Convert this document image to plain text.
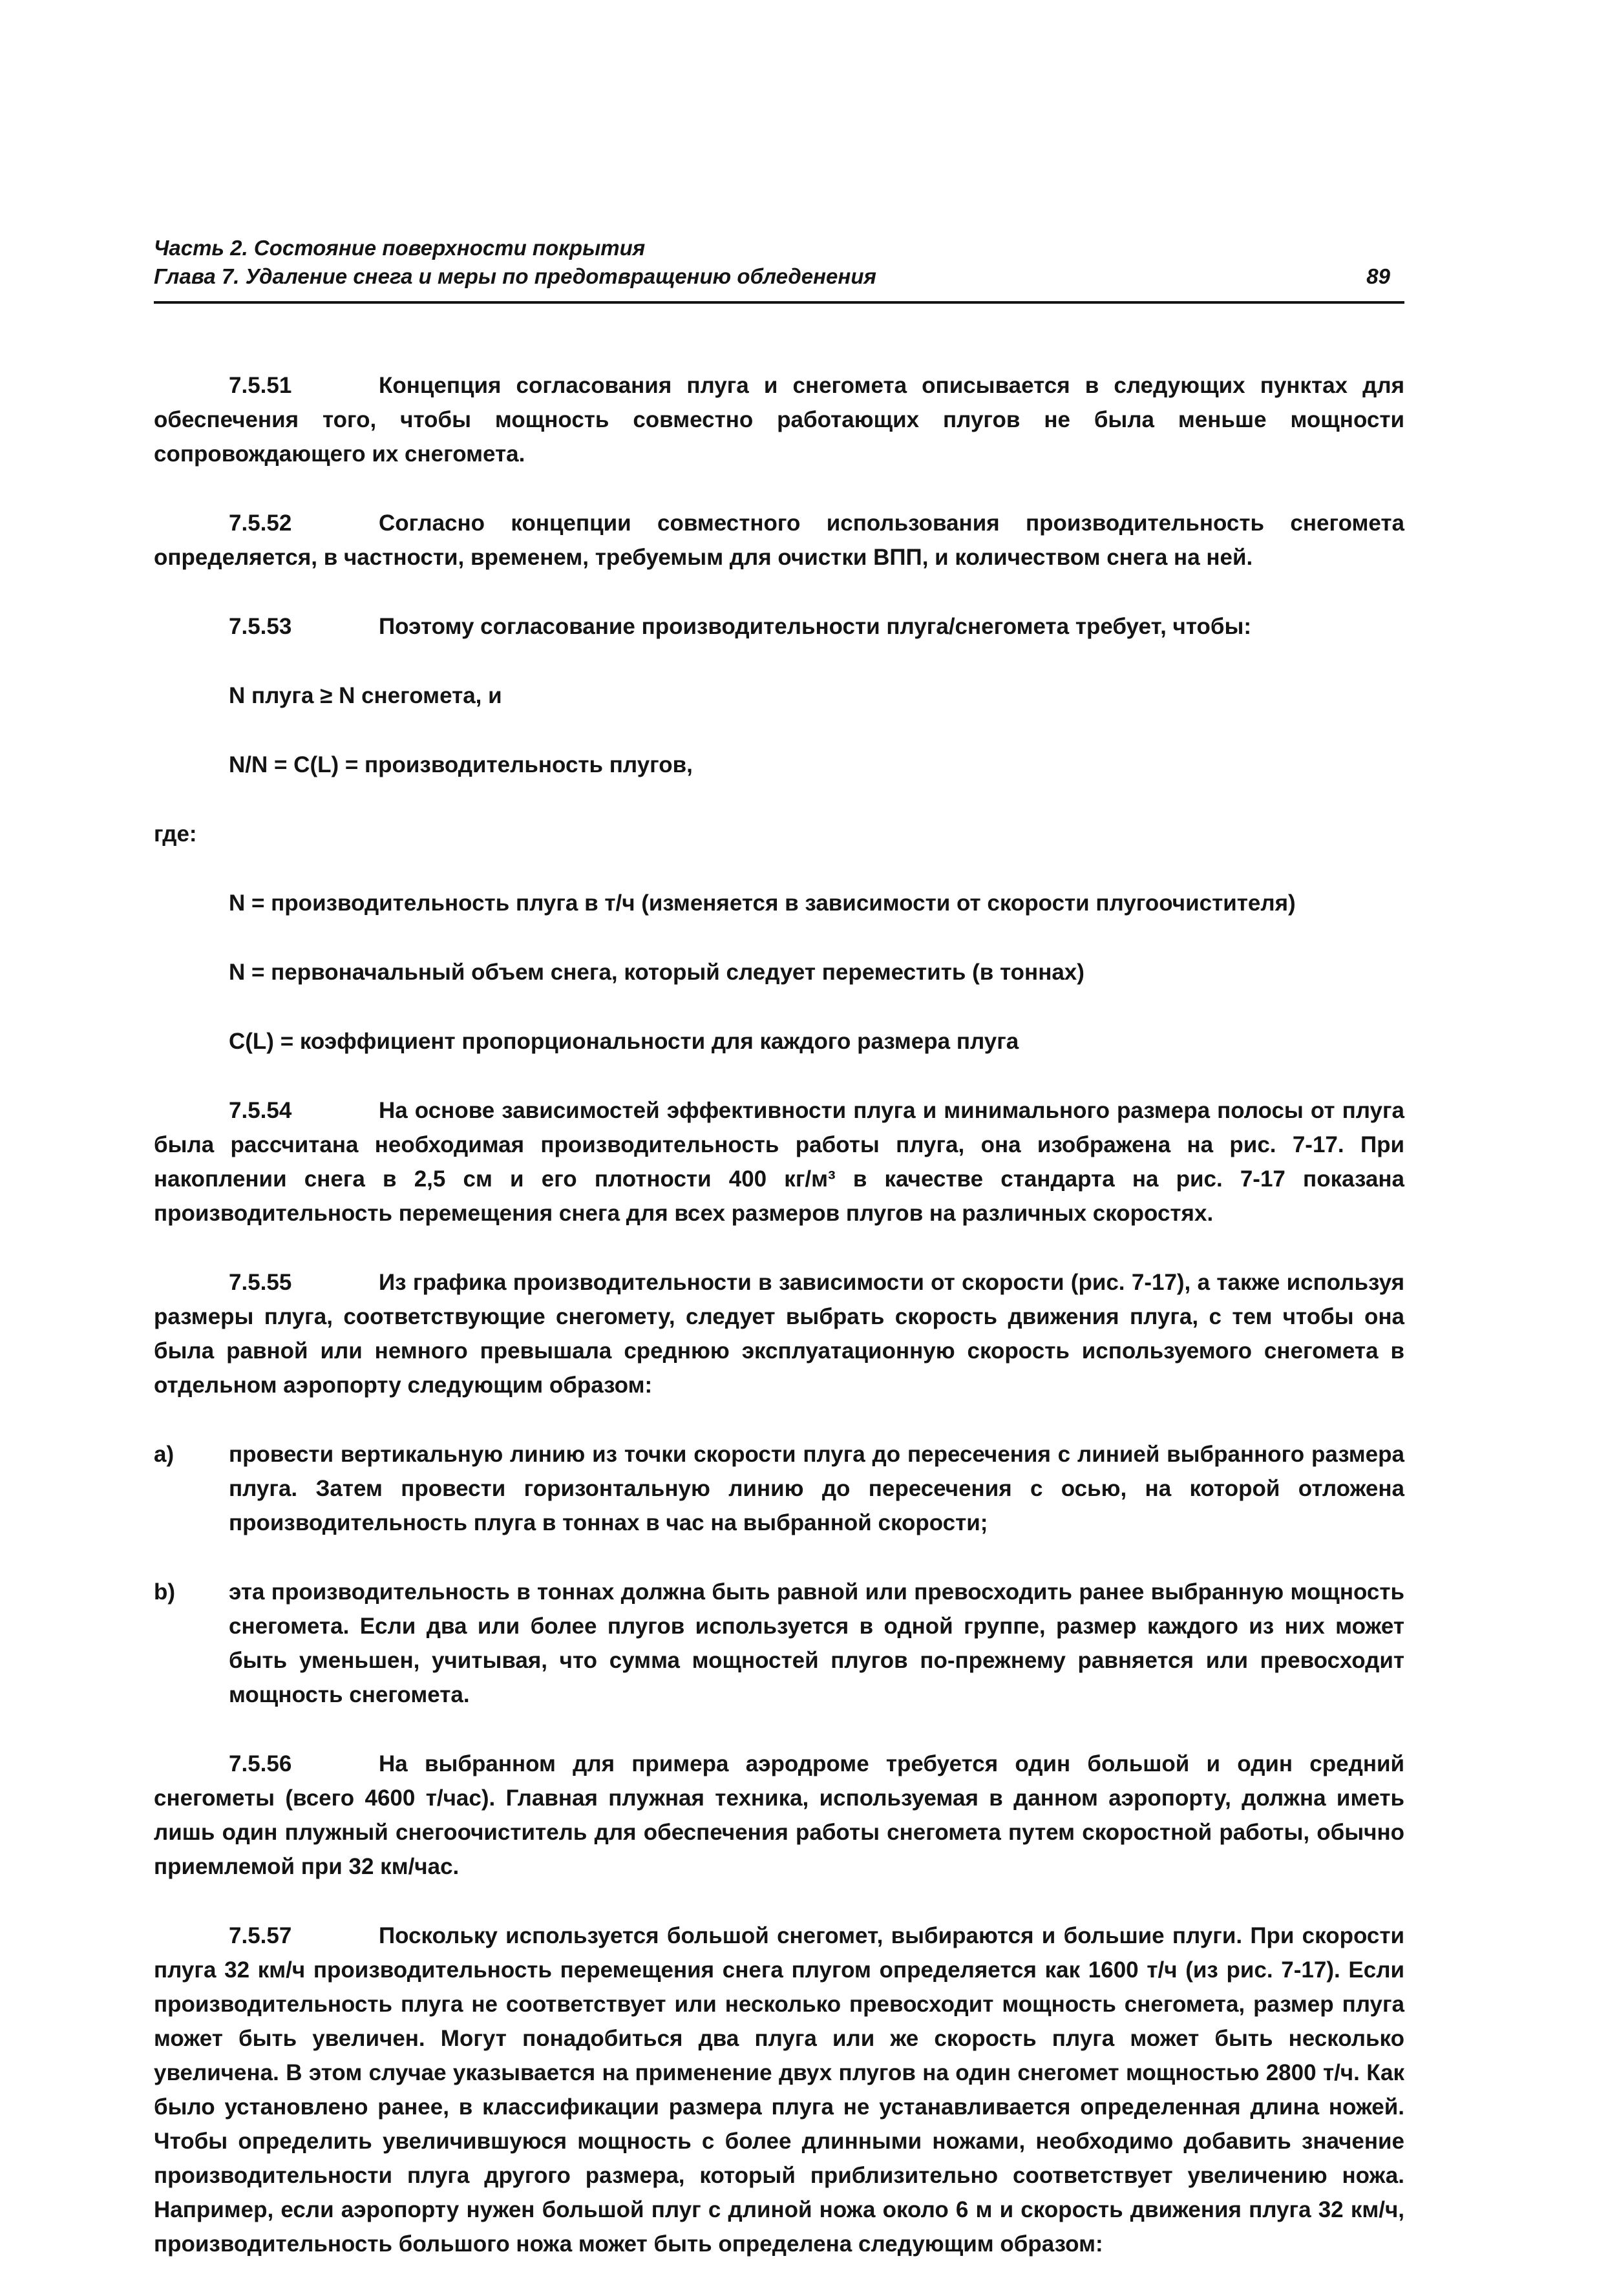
Часть 2. Состояние поверхности покрытия
Глава 7. Удаление снега и меры по предотвращению обледенения	89
7.5.51	Концепция согласования плуга и снегомета описывается в следующих пунктах для обеспечения того, чтобы мощность совместно работающих плугов не была меньше мощности сопровождающего их снегомета.
7.5.52	Согласно концепции совместного использования производительность снегомета определяется, в частности, временем, требуемым для очистки ВПП, и количеством снега на ней.
7.5.53	Поэтому согласование производительности плуга/снегомета требует, чтобы:
N плуга ≥ N снегомета, и
N/N = C(L) = производительность плугов,
где:
N = производительность плуга в т/ч (изменяется в зависимости от скорости плугоочистителя)
N = первоначальный объем снега, который следует переместить (в тоннах)
C(L) = коэффициент пропорциональности для каждого размера плуга
7.5.54	На основе зависимостей эффективности плуга и минимального размера полосы от плуга была рассчитана необходимая производительность работы плуга, она изображена на рис. 7-17. При накоплении снега в 2,5 см и его плотности 400 кг/м³ в качестве стандарта на рис. 7-17 показана производительность перемещения снега для всех размеров плугов на различных скоростях.
7.5.55	Из графика производительности в зависимости от скорости (рис. 7-17), а также используя размеры плуга, соответствующие снегомету, следует выбрать скорость движения плуга, с тем чтобы она была равной или немного превышала среднюю эксплуатационную скорость используемого снегомета в отдельном аэропорту следующим образом:
a)	провести вертикальную линию из точки скорости плуга до пересечения с линией выбранного размера плуга. Затем провести горизонтальную линию до пересечения с осью, на которой отложена производительность плуга в тоннах в час на выбранной скорости;
b)	эта производительность в тоннах должна быть равной или превосходить ранее выбранную мощность снегомета. Если два или более плугов используется в одной группе, размер каждого из них может быть уменьшен, учитывая, что сумма мощностей плугов по-прежнему равняется или превосходит мощность снегомета.
7.5.56	На выбранном для примера аэродроме требуется один большой и один средний снегометы (всего 4600 т/час). Главная плужная техника, используемая в данном аэропорту, должна иметь лишь один плужный снегоочиститель для обеспечения работы снегомета путем скоростной работы, обычно приемлемой при 32 км/час.
7.5.57	Поскольку используется большой снегомет, выбираются и большие плуги. При скорости плуга 32 км/ч производительность перемещения снега плугом определяется как 1600 т/ч (из рис. 7-17). Если производительность плуга не соответствует или несколько превосходит мощность снегомета, размер плуга может быть увеличен. Могут понадобиться два плуга или же скорость плуга может быть несколько увеличена. В этом случае указывается на применение двух плугов на один снегомет мощностью 2800 т/ч. Как было установлено ранее, в классификации размера плуга не устанавливается определенная длина ножей. Чтобы определить увеличившуюся мощность с более длинными ножами, необходимо добавить значение производительности плуга другого размера, который приблизительно соответствует увеличению ножа. Например, если аэропорту нужен большой плуг с длиной ножа около 6 м и скорость движения плуга 32 км/ч, производительность большого ножа может быть определена следующим образом:
